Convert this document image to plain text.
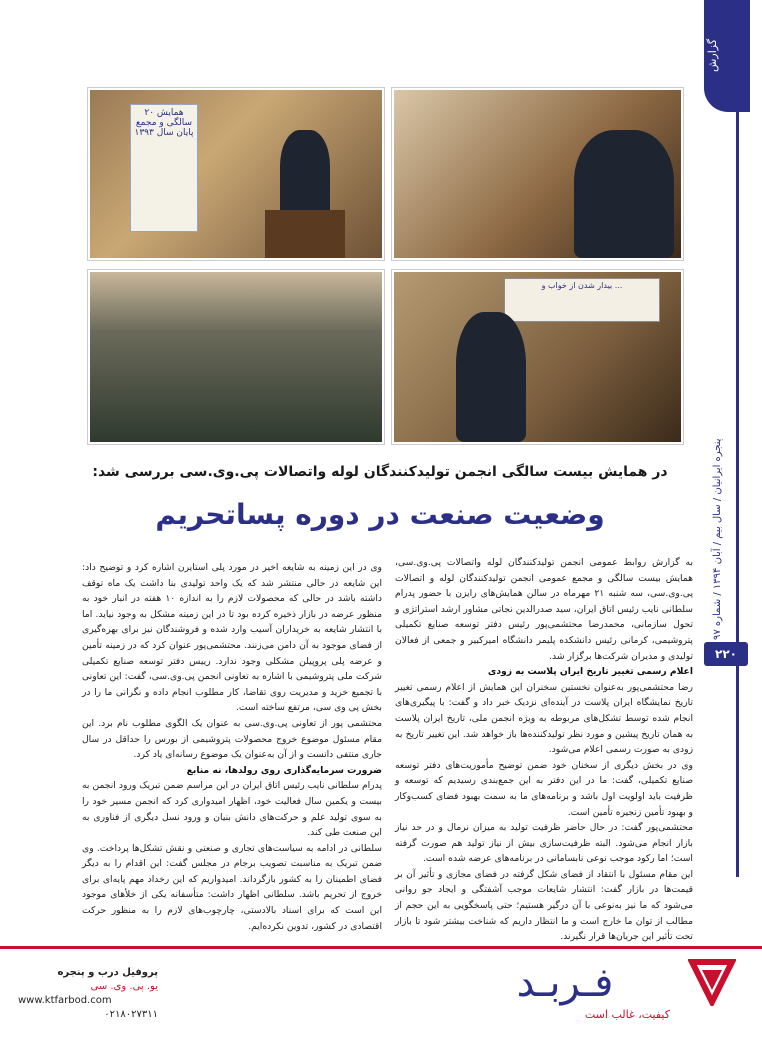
گزارش
پنجره ایرانیان / سال بیم / آبان ۱۳۹۴ / شماره ۹۷
۲۲۰
همایش ۲۰ سالگی و مجمع پایان سال ۱۳۹۳
بیدار شدن از خواب و ...
در همایش بیست سالگی انجمن تولیدکنندگان لوله واتصالات پی.وی.سی بررسی شد:
وضعیت صنعت در دوره پساتحریم

به گزارش روابط عمومی انجمن تولیدکنندگان لوله واتصالات پی.وی.سی، همایش بیست سالگی و مجمع عمومی انجمن تولیدکنندگان لوله و اتصالات پی.وی.سی، سه شنبه ۲۱ مهرماه در سالن همایش‌های رایزن با حضور پدرام سلطانی نایب رئیس اتاق ایران، سید صدرالدین نجاتی مشاور ارشد استراتژی و تحول سازمانی، محمدرضا محتشمی‌پور رئیس دفتر توسعه صنایع تکمیلی پتروشیمی، کرمانی رئیس دانشکده پلیمر دانشگاه امیرکبیر و جمعی از فعالان تولیدی و مدیران شرکت‌ها برگزار شد.

اعلام رسمی تغییر تاریخ ایران پلاست به زودی

رضا محتشمی‌پور به‌عنوان نخستین سخنران این همایش از اعلام رسمی تغییر تاریخ نمایشگاه ایران پلاست در آینده‌ای نزدیک خبر داد و گفت: با پیگیری‌های انجام شده توسط تشکل‌های مربوطه به ویژه انجمن ملی، تاریخ ایران پلاست به همان تاریخ پیشین و مورد نظر تولیدکننده‌ها باز خواهد شد. این تغییر تاریخ به زودی به صورت رسمی اعلام می‌شود.

وی در بخش دیگری از سخنان خود ضمن توضیح مأموریت‌های دفتر توسعه صنایع تکمیلی، گفت: ما در این دفتر به این جمع‌بندی رسیدیم که توسعه و ظرفیت باید اولویت اول باشد و برنامه‌های ما به سمت بهبود فضای کسب‌وکار و بهبود تأمین زنجیره تأمین است.

محتشمی‌پور گفت: در حال حاضر ظرفیت تولید به میزان نرمال و در حد نیاز بازار انجام می‌شود. البته ظرفیت‌سازی بیش از نیاز تولید هم صورت گرفته است؛ اما رکود موجب نوعی نابسامانی در برنامه‌های عرضه شده است.

این مقام مسئول با انتقاد از فضای شکل گرفته در فضای مجازی و تأثیر آن بر قیمت‌ها در بازار گفت: انتشار شایعات موجب آشفتگی و ایجاد جو روانی می‌شود که ما نیز به‌نوعی با آن درگیر هستیم؛ حتی پاسخگویی به این حجم از مطالب از توان ما خارج است و ما انتظار داریم که شناخت بیشتر شود تا بازار تحت تأثیر این جریان‌ها قرار نگیرند.

وی در این زمینه به شایعه اخیر در مورد پلی استایرن اشاره کرد و توضیح داد: این شایعه در حالی منتشر شد که یک واحد تولیدی بنا داشت یک ماه توقف داشته باشد در حالی که محصولات لازم را به اندازه ۱۰ هفته در انبار خود به منظور عرضه در بازار ذخیره کرده بود تا در این زمینه مشکل به وجود نیاید. اما با انتشار شایعه به خریداران آسیب وارد شده و فروشندگان نیز برای بهره‌گیری از فضای موجود به آن دامن می‌زنند. محتشمی‌پور عنوان کرد که در زمینه تأمین و عرضه پلی پروپیلن مشکلی وجود ندارد. رییس دفتر توسعه صنایع تکمیلی شرکت ملی پتروشیمی با اشاره به تعاونی انجمن پی.وی.سی، گفت: این تعاونی با تجمیع خرید و مدیریت روی تقاضا، کار مطلوب انجام داده و نگرانی ما را در بخش پی وی سی، مرتفع ساخته است.

محتشمی پور از تعاونی پی.وی.سی به عنوان یک الگوی مطلوب نام برد. این مقام مسئول موضوع خروج محصولات پتروشیمی از بورس را حداقل در سال جاری منتفی دانست و از آن به‌عنوان یک موضوع رسانه‌ای یاد کرد.

ضرورت سرمایه‌گذاری روی رولدها، نه منابع

پدرام سلطانی نایب رئیس اتاق ایران در این مراسم ضمن تبریک ورود انجمن به بیست و یکمین سال فعالیت خود، اظهار امیدواری کرد که انجمن مسیر خود را به سوی تولید علم و حرکت‌های دانش بنیان و ورود نسل دیگری از فناوری به این صنعت طی کند.

سلطانی در ادامه به سیاست‌های تجاری و صنعتی و نقش تشکل‌ها پرداخت. وی ضمن تبریک به مناسبت تصویب برجام در مجلس گفت: این اقدام را به دیگر فضای اطمینان را به کشور بازگرداند. امیدواریم که این رخداد مهم پایه‌ای برای خروج از تحریم باشد. سلطانی اظهار داشت: متأسفانه یکی از خلأهای موجود این است که برای اسناد بالادستی، چارچوب‌های لازم را به منظور حرکت اقتصادی در کشور، تدوین نکرده‌ایم.

فـربـد
کیفیت، غالب است
پروفیل درب و پنجره
یو. پی. وی. سی
www.ktfarbod.com
۰۲۱۸۰۲۷۳۱۱
